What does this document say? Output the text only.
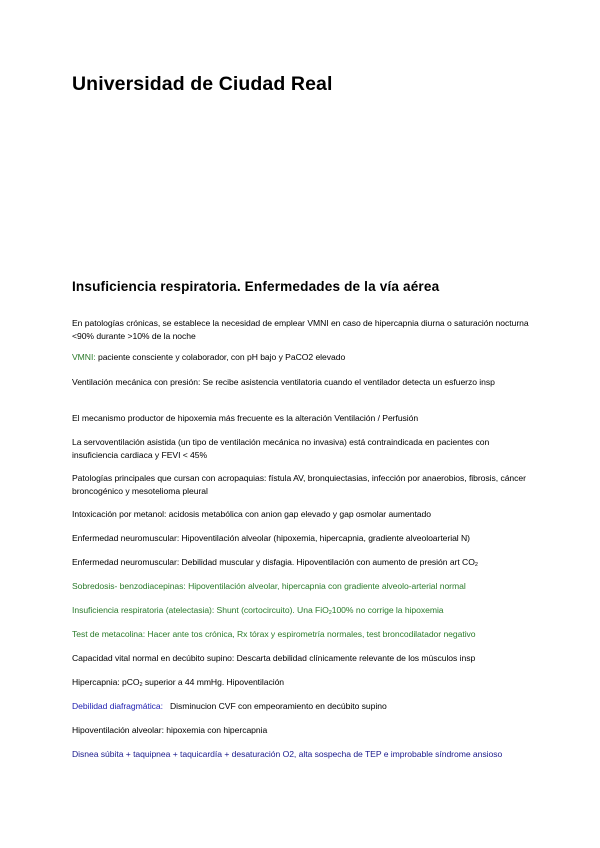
Universidad de Ciudad Real
Insuficiencia respiratoria. Enfermedades de la vía aérea

En patologías crónicas, se establece la necesidad de emplear VMNI en caso de hipercapnia diurna o saturación nocturna <90% durante >10% de la noche

VMNI: paciente consciente y colaborador, con pH bajo y PaCO2 elevado

Ventilación mecánica con presión: Se recibe asistencia ventilatoria cuando el ventilador detecta un esfuerzo insp

El mecanismo productor de hipoxemia más frecuente es la alteración Ventilación / Perfusión

La servoventilación asistida (un tipo de ventilación mecánica no invasiva) está contraindicada en pacientes con insuficiencia cardiaca y FEVI < 45%

Patologías principales que cursan con acropaquias: fístula AV, bronquiectasias, infección por anaerobios, fibrosis, cáncer broncogénico y mesotelioma pleural

Intoxicación por metanol: acidosis metabólica con anion gap elevado y gap osmolar aumentado

Enfermedad neuromuscular: Hipoventilación alveolar (hipoxemia, hipercapnia, gradiente alveoloarterial N)

Enfermedad neuromuscular: Debilidad muscular y disfagia. Hipoventilación con aumento de presión art $CO_2$

Sobredosis- benzodiacepinas: Hipoventilación alveolar, hipercapnia con gradiente alveolo-arterial normal

Insuficiencia respiratoria (atelectasia): Shunt (cortocircuito). Una FiO$_2$100% no corrige la hipoxemia

Test de metacolina: Hacer ante tos crónica, Rx tórax y espirometría normales, test broncodilatador negativo

Capacidad vital normal en decúbito supino: Descarta debilidad clínicamente relevante de los músculos insp

Hipercapnia: pCO$_2$ superior a 44 mmHg. Hipoventilación

Debilidad diafragmática:   Disminucion CVF con empeoramiento en decúbito supino

Hipoventilación alveolar: hipoxemia con hipercapnia

Disnea súbita + taquipnea + taquicardía + desaturación O2, alta sospecha de TEP e improbable síndrome ansioso
